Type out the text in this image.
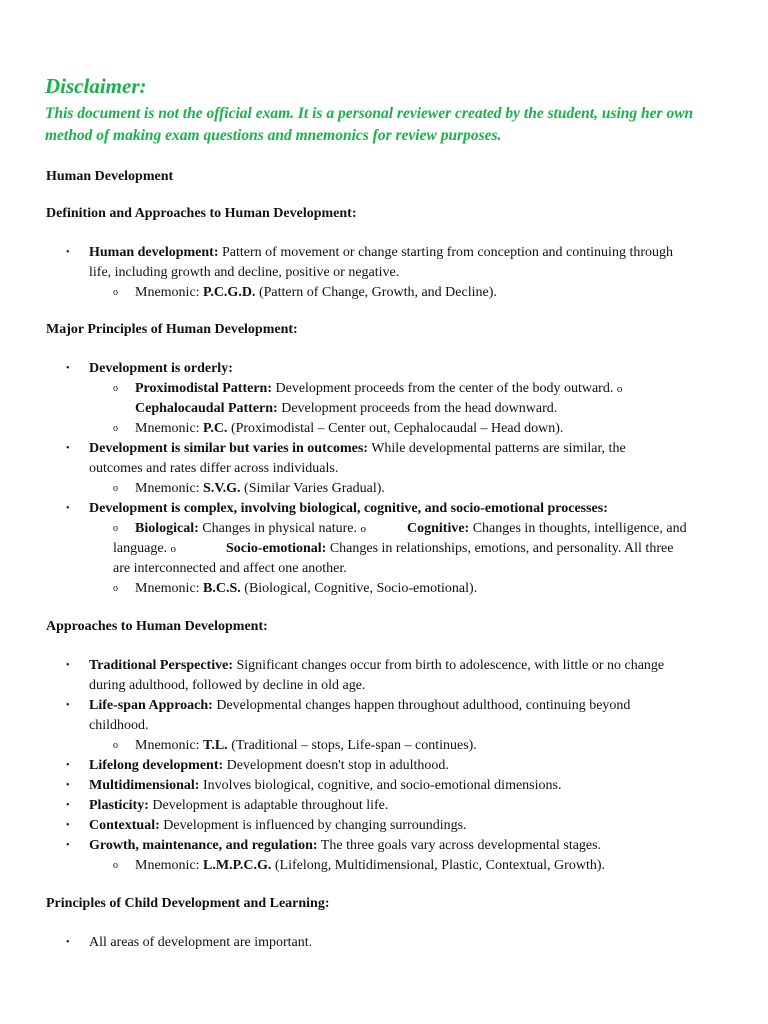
Disclaimer:
This document is not the official exam. It is a personal reviewer created by the student, using her own method of making exam questions and mnemonics for review purposes.
Human Development
Definition and Approaches to Human Development:
•	Human development: Pattern of movement or change starting from conception and continuing through
life, including growth and decline, positive or negative.
o	Mnemonic: P.C.G.D. (Pattern of Change, Growth, and Decline).
Major Principles of Human Development:
•	Development is orderly:
o	Proximodistal Pattern: Development proceeds from the center of the body outward. o
Cephalocaudal Pattern: Development proceeds from the head downward.
o	Mnemonic: P.C. (Proximodistal – Center out, Cephalocaudal – Head down).
•	Development is similar but varies in outcomes: While developmental patterns are similar, the
outcomes and rates differ across individuals.
o	Mnemonic: S.V.G. (Similar Varies Gradual).
•	Development is complex, involving biological, cognitive, and socio-emotional processes:
o	Biological: Changes in physical nature. o	Cognitive: Changes in thoughts, intelligence, and
language. o	Socio-emotional: Changes in relationships, emotions, and personality. All three
are interconnected and affect one another.
o	Mnemonic: B.C.S. (Biological, Cognitive, Socio-emotional).
Approaches to Human Development:
•	Traditional Perspective: Significant changes occur from birth to adolescence, with little or no change
during adulthood, followed by decline in old age.
•	Life-span Approach: Developmental changes happen throughout adulthood, continuing beyond
childhood.
o	Mnemonic: T.L. (Traditional – stops, Life-span – continues).
•	Lifelong development: Development doesn't stop in adulthood.
•	Multidimensional: Involves biological, cognitive, and socio-emotional dimensions.
•	Plasticity: Development is adaptable throughout life.
•	Contextual: Development is influenced by changing surroundings.
•	Growth, maintenance, and regulation: The three goals vary across developmental stages.
o	Mnemonic: L.M.P.C.G. (Lifelong, Multidimensional, Plastic, Contextual, Growth).
Principles of Child Development and Learning:
•	All areas of development are important.
